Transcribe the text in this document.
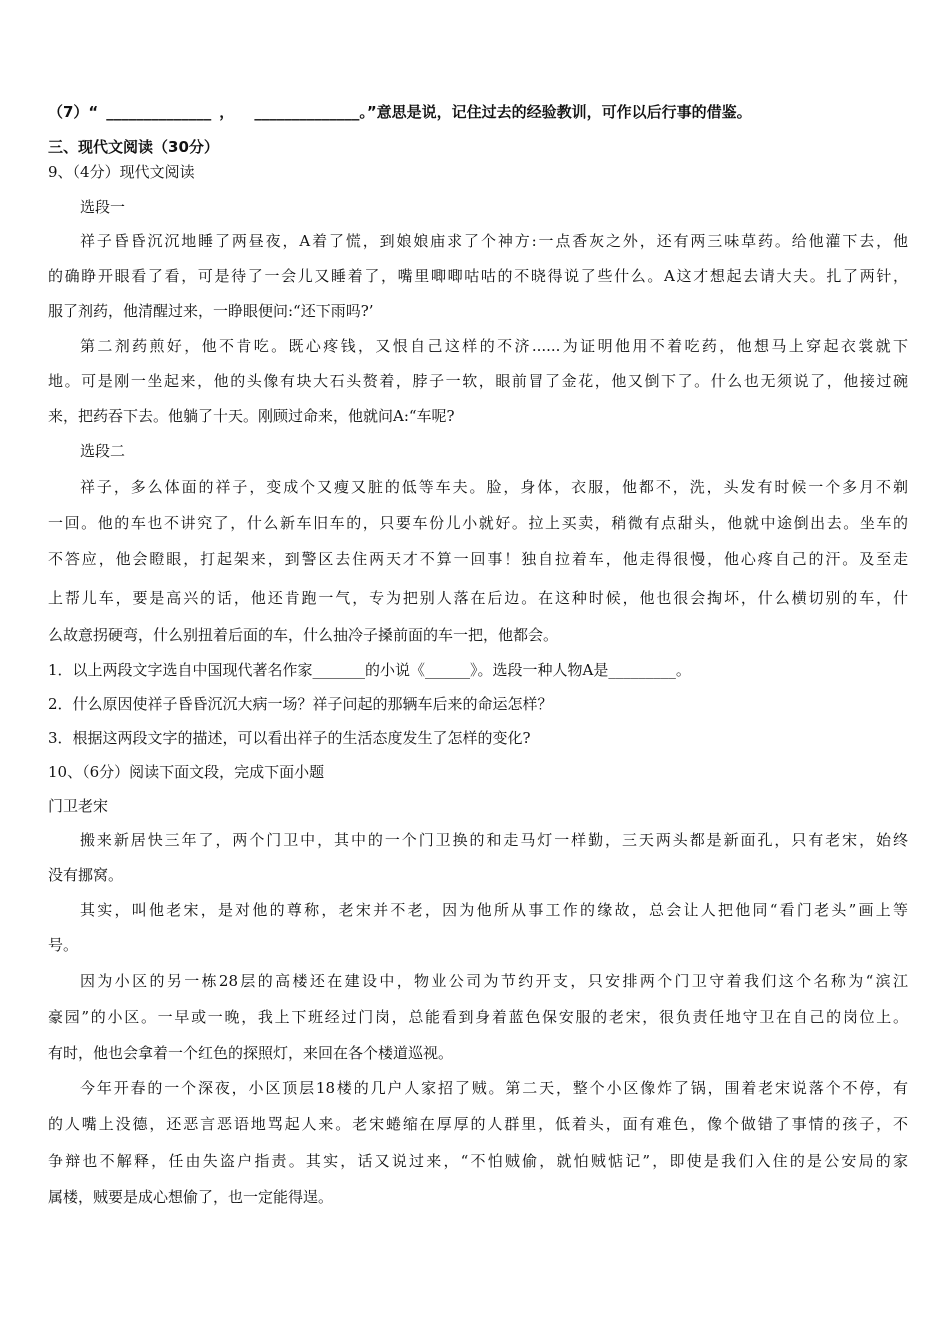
（7）“ ______________ ， ______________。”意思是说，记住过去的经验教训，可作以后行事的借鉴。
三、现代文阅读（30分）
9、（4分）现代文阅读
选段一
祥子昏昏沉沉地睡了两昼夜，A着了慌，到娘娘庙求了个神方:一点香灰之外，还有两三味草药。给他灌下去，他
的确睁开眼看了看，可是待了一会儿又睡着了，嘴里唧唧咕咕的不晓得说了些什么。A这才想起去请大夫。扎了两针，
服了剂药，他清醒过来，一睁眼便问:“还下雨吗?’
第二剂药煎好，他不肯吃。既心疼钱，又恨自己这样的不济......为证明他用不着吃药，他想马上穿起衣裳就下
地。可是刚一坐起来，他的头像有块大石头赘着，脖子一软，眼前冒了金花，他又倒下了。什么也无须说了，他接过碗
来，把药吞下去。他躺了十天。刚顾过命来，他就问A:“车呢?
选段二
祥子，多么体面的祥子，变成个又瘦又脏的低等车夫。脸，身体，衣服，他都不，洗，头发有时候一个多月不剃
一回。他的车也不讲究了，什么新车旧车的，只要车份儿小就好。拉上买卖，稍微有点甜头，他就中途倒出去。坐车的
不答应，他会瞪眼，打起架来，到警区去住两天才不算一回事！独自拉着车，他走得很慢，他心疼自己的汗。及至走
上帮儿车，要是高兴的话，他还肯跑一气，专为把别人落在后边。在这种时候，他也很会掏坏，什么横切别的车，什
么故意拐硬弯，什么别扭着后面的车，什么抽冷子搡前面的车一把，他都会。
1．以上两段文字选自中国现代著名作家_______的小说《______》。选段一种人物A是_________。
2．什么原因使祥子昏昏沉沉大病一场？祥子问起的那辆车后来的命运怎样？
3．根据这两段文字的描述，可以看出祥子的生活态度发生了怎样的变化?
10、（6分）阅读下面文段，完成下面小题
门卫老宋
搬来新居快三年了，两个门卫中，其中的一个门卫换的和走马灯一样勤，三天两头都是新面孔，只有老宋，始终
没有挪窝。
其实，叫他老宋，是对他的尊称，老宋并不老，因为他所从事工作的缘故，总会让人把他同“看门老头”画上等
号。
因为小区的另一栋28层的高楼还在建设中，物业公司为节约开支，只安排两个门卫守着我们这个名称为“滨江
豪园”的小区。一早或一晚，我上下班经过门岗，总能看到身着蓝色保安服的老宋，很负责任地守卫在自己的岗位上。
有时，他也会拿着一个红色的探照灯，来回在各个楼道巡视。
今年开春的一个深夜，小区顶层18楼的几户人家招了贼。第二天，整个小区像炸了锅，围着老宋说落个不停，有
的人嘴上没德，还恶言恶语地骂起人来。老宋蜷缩在厚厚的人群里，低着头，面有难色，像个做错了事情的孩子，不
争辩也不解释，任由失盗户指责。其实，话又说过来，“不怕贼偷，就怕贼惦记”，即使是我们入住的是公安局的家
属楼，贼要是成心想偷了，也一定能得逞。
